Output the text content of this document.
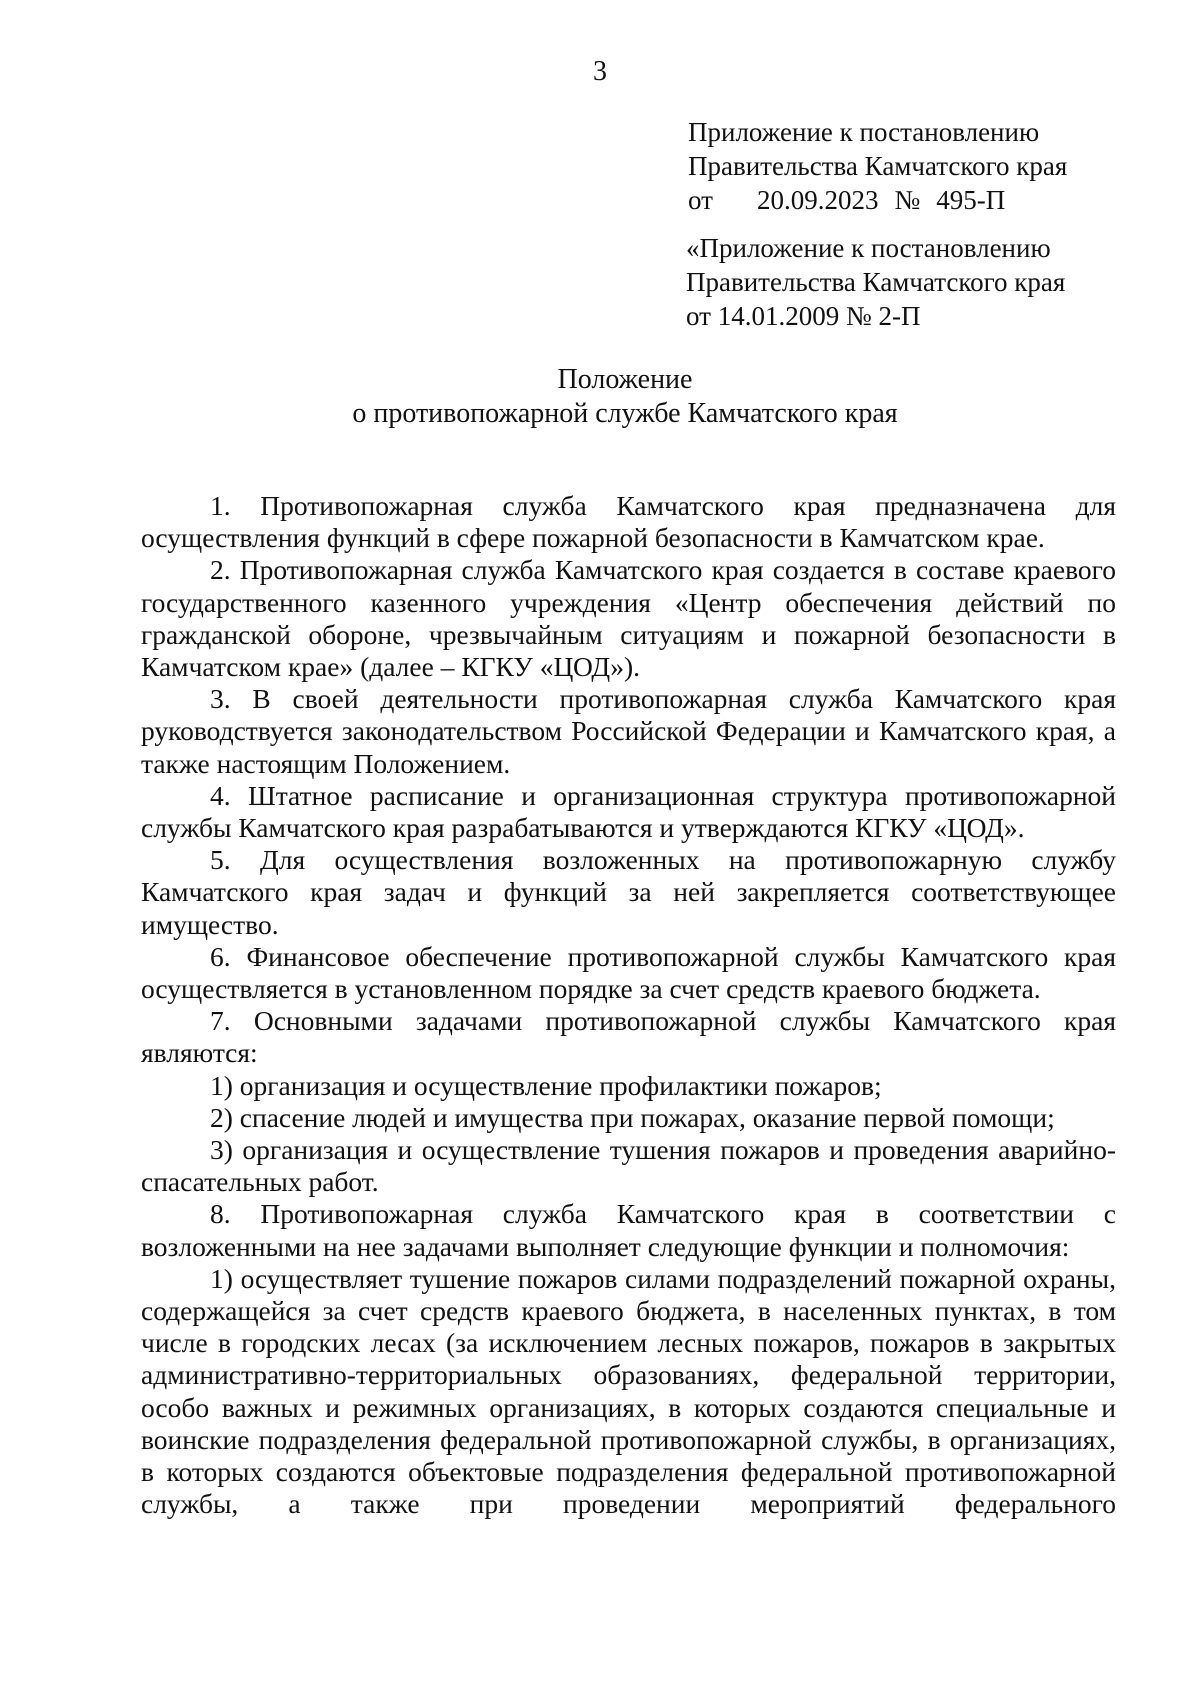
3
Приложение к постановлению
Правительства Камчатского края
от 20.09.2023 № 495-П
«Приложение к постановлению
Правительства Камчатского края
от 14.01.2009 № 2-П
Положение
о противопожарной службе Камчатского края

1. Противопожарная служба Камчатского края предназначена для осуществления функций в сфере пожарной безопасности в Камчатском крае.

2. Противопожарная служба Камчатского края создается в составе краевого государственного казенного учреждения «Центр обеспечения действий по гражданской обороне, чрезвычайным ситуациям и пожарной безопасности в Камчатском крае» (далее – КГКУ «ЦОД»).

3. В своей деятельности противопожарная служба Камчатского края руководствуется законодательством Российской Федерации и Камчатского края, а также настоящим Положением.

4. Штатное расписание и организационная структура противопожарной службы Камчатского края разрабатываются и утверждаются КГКУ «ЦОД».

5. Для осуществления возложенных на противопожарную службу Камчатского края задач и функций за ней закрепляется соответствующее имущество.

6. Финансовое обеспечение противопожарной службы Камчатского края осуществляется в установленном порядке за счет средств краевого бюджета.

7. Основными задачами противопожарной службы Камчатского края являются:

1) организация и осуществление профилактики пожаров;

2) спасение людей и имущества при пожарах, оказание первой помощи;

3) организация и осуществление тушения пожаров и проведения аварийно-спасательных работ.

8. Противопожарная служба Камчатского края в соответствии с возложенными на нее задачами выполняет следующие функции и полномочия:

1) осуществляет тушение пожаров силами подразделений пожарной охраны, содержащейся за счет средств краевого бюджета, в населенных пунктах, в том числе в городских лесах (за исключением лесных пожаров, пожаров в закрытых административно-территориальных образованиях, федеральной территории, особо важных и режимных организациях, в которых создаются специальные и воинские подразделения федеральной противопожарной службы, в организациях, в которых создаются объектовые подразделения федеральной противопожарной службы, а также при проведении мероприятий федерального
